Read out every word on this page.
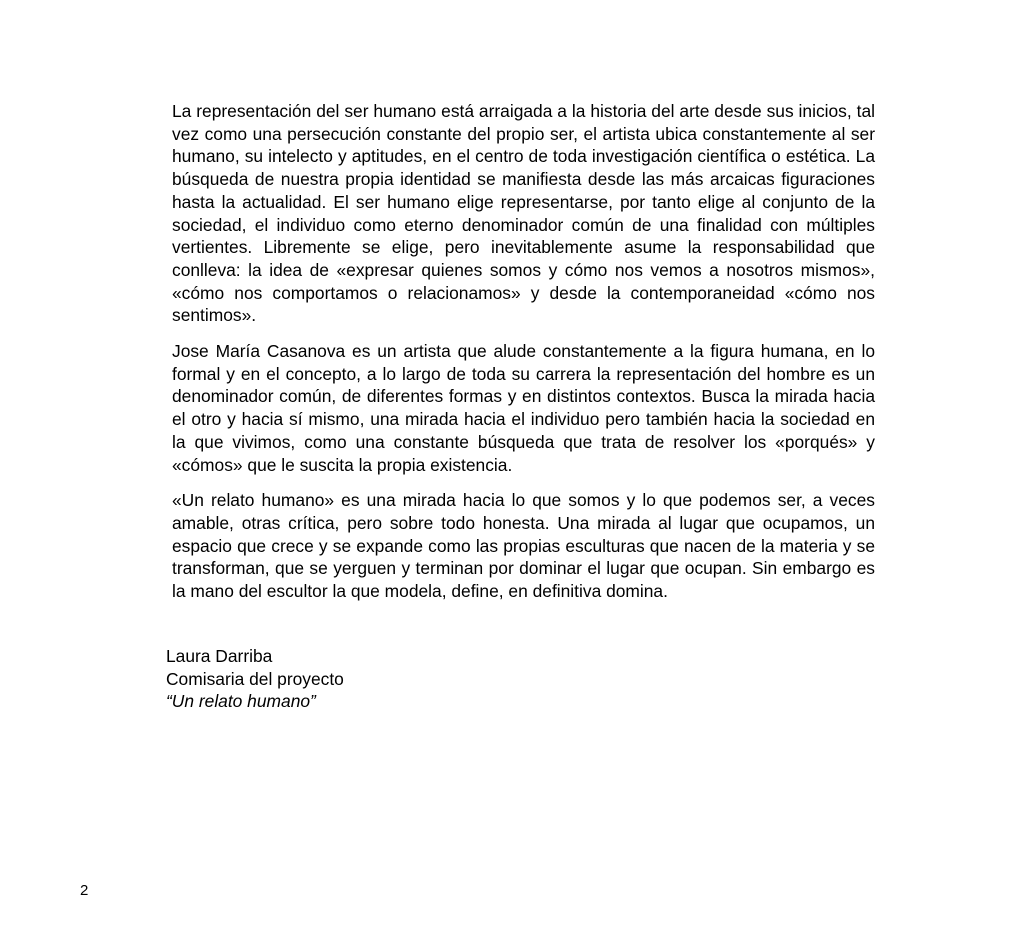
La representación del ser humano está arraigada a la historia del arte desde sus inicios, tal vez como una persecución constante del propio ser, el artista ubica constantemente al ser humano, su intelecto y aptitudes, en el centro de toda investigación científica o estética. La búsqueda de nuestra propia identidad se manifiesta desde las más arcaicas figuraciones hasta la actualidad. El ser humano elige representarse, por tanto elige al conjunto de la sociedad, el individuo como eterno denominador común de una finalidad con múltiples vertientes. Libremente se elige, pero inevitablemente asume la responsabilidad que conlleva: la idea de «expresar quienes somos y cómo nos vemos a nosotros mismos», «cómo nos comportamos o relacionamos» y desde la contemporaneidad «cómo nos sentimos».

Jose María Casanova es un artista que alude constantemente a la figura humana, en lo formal y en el concepto, a lo largo de toda su carrera la representación del hombre es un denominador común, de diferentes formas y en distintos contextos. Busca la mirada hacia el otro y hacia sí mismo, una mirada hacia el individuo pero también hacia la sociedad en la que vivimos, como una constante búsqueda que trata de resolver los «porqués» y «cómos» que le suscita la propia existencia.

«Un relato humano» es una mirada hacia lo que somos y lo que podemos ser, a veces amable, otras crítica, pero sobre todo honesta. Una mirada al lugar que ocupamos, un espacio que crece y se expande como las propias esculturas que nacen de la materia y se transforman, que se yerguen y terminan por dominar el lugar que ocupan. Sin embargo es la mano del escultor la que modela, define, en definitiva domina.

Laura Darriba
Comisaria del proyecto
“Un relato humano”
2
